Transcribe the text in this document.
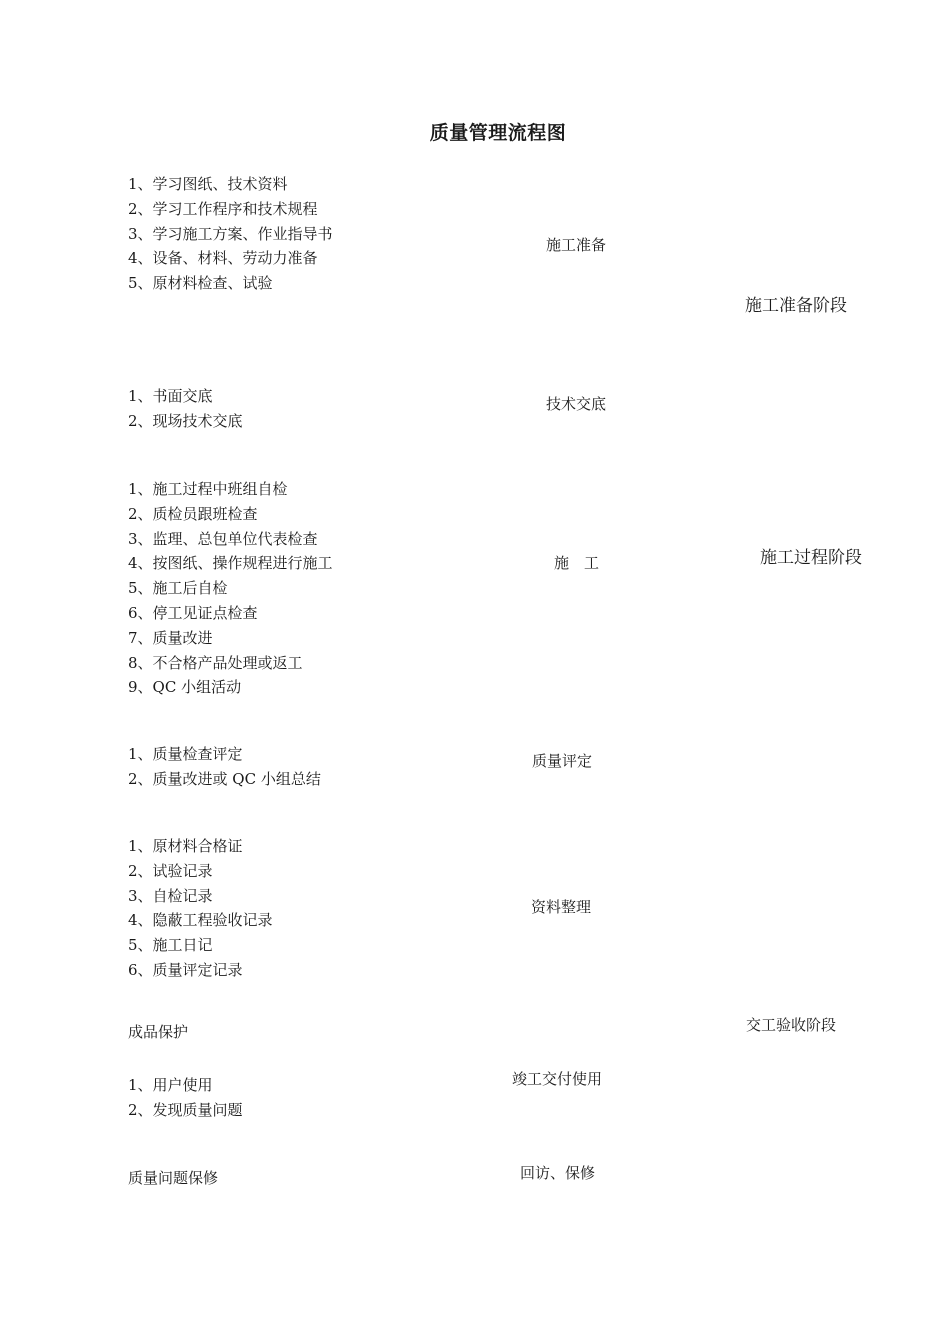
质量管理流程图
1、学习图纸、技术资料
2、学习工作程序和技术规程
3、学习施工方案、作业指导书
4、设备、材料、劳动力准备
5、原材料检查、试验
1、书面交底
2、现场技术交底
1、施工过程中班组自检
2、质检员跟班检查
3、监理、总包单位代表检查
4、按图纸、操作规程进行施工
5、施工后自检
6、停工见证点检查
7、质量改进
8、不合格产品处理或返工
9、QC 小组活动
1、质量检查评定
2、质量改进或 QC 小组总结
1、原材料合格证
2、试验记录
3、自检记录
4、隐蔽工程验收记录
5、施工日记
6、质量评定记录
成品保护
1、用户使用
2、发现质量问题
质量问题保修
施工准备
技术交底
施　工
质量评定
资料整理
竣工交付使用
回访、保修
施工准备阶段
施工过程阶段
交工验收阶段
